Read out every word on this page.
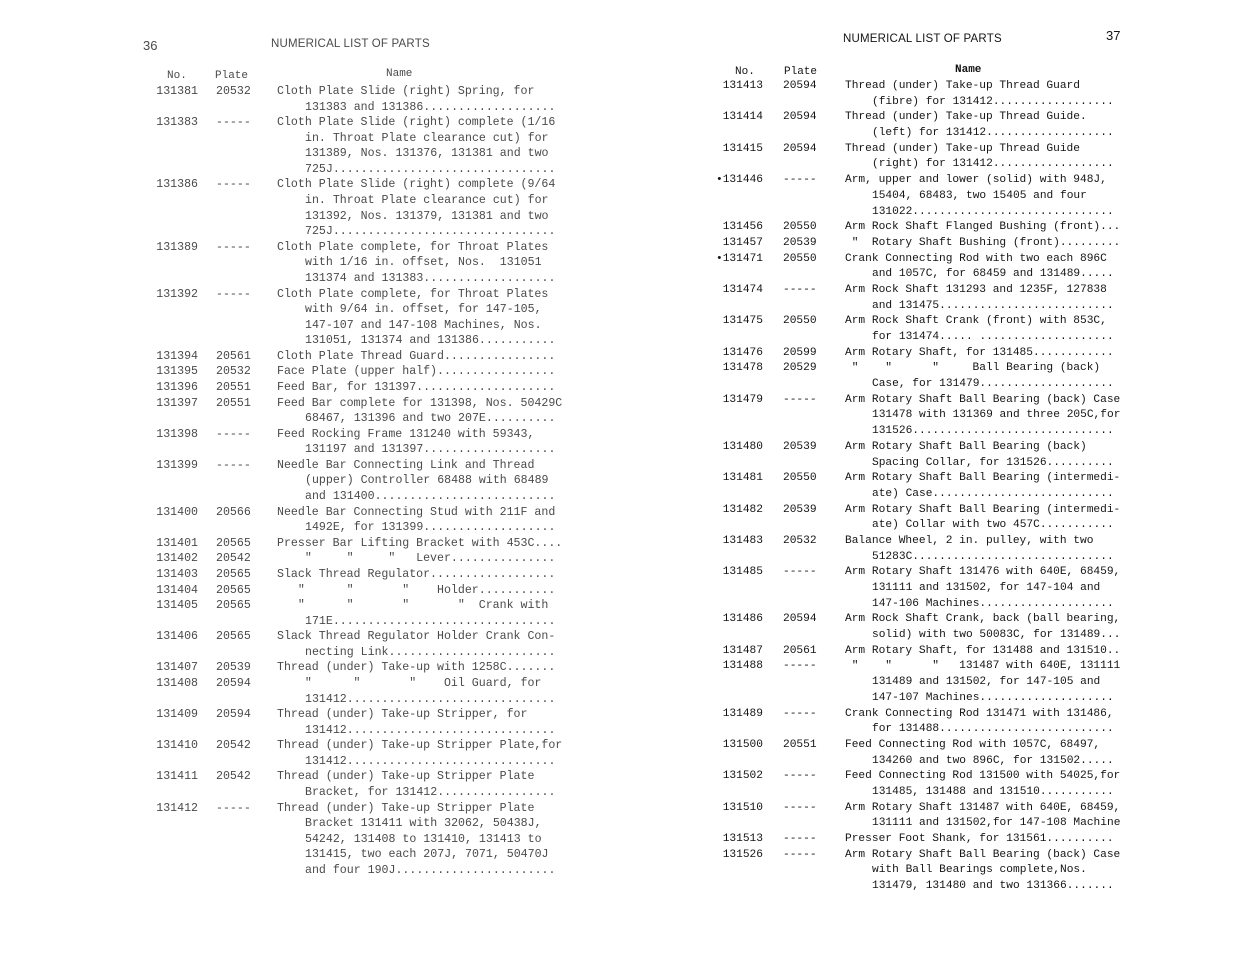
36	NUMERICAL LIST OF PARTS
No.	Plate	Name
131381	20532	Cloth Plate Slide (right) Spring, for
131383 and 131386...................
131383	-----	Cloth Plate Slide (right) complete (1/16
in. Throat Plate clearance cut) for
131389, Nos. 131376, 131381 and two
725J................................
131386	-----	Cloth Plate Slide (right) complete (9/64
in. Throat Plate clearance cut) for
131392, Nos. 131379, 131381 and two
725J................................
131389	-----	Cloth Plate complete, for Throat Plates
with 1/16 in. offset, Nos.  131051
131374 and 131383...................
131392	-----	Cloth Plate complete, for Throat Plates
with 9/64 in. offset, for 147-105,
147-107 and 147-108 Machines, Nos.
131051, 131374 and 131386...........
131394	20561	Cloth Plate Thread Guard................
131395	20532	Face Plate (upper half).................
131396	20551	Feed Bar, for 131397....................
131397	20551	Feed Bar complete for 131398, Nos. 50429C
68467, 131396 and two 207E..........
131398	-----	Feed Rocking Frame 131240 with 59343,
131197 and 131397...................
131399	-----	Needle Bar Connecting Link and Thread
(upper) Controller 68488 with 68489
and 131400..........................
131400	20566	Needle Bar Connecting Stud with 211F and
1492E, for 131399...................
131401	20565	Presser Bar Lifting Bracket with 453C....
131402	20542	"     "     "   Lever...............
131403	20565	Slack Thread Regulator..................
131404	20565	"      "       "    Holder...........
131405	20565	"      "       "       "  Crank with
171E................................
131406	20565	Slack Thread Regulator Holder Crank Con-
necting Link........................
131407	20539	Thread (under) Take-up with 1258C.......
131408	20594	"      "       "    Oil Guard, for
131412..............................
131409	20594	Thread (under) Take-up Stripper, for
131412..............................
131410	20542	Thread (under) Take-up Stripper Plate,for
131412..............................
131411	20542	Thread (under) Take-up Stripper Plate
Bracket, for 131412.................
131412	-----	Thread (under) Take-up Stripper Plate
Bracket 131411 with 32062, 50438J,
54242, 131408 to 131410, 131413 to
131415, two each 207J, 7071, 50470J
and four 190J.......................
NUMERICAL LIST OF PARTS	37
No.	Plate	Name
131413	20594	Thread (under) Take-up Thread Guard
(fibre) for 131412..................
131414	20594	Thread (under) Take-up Thread Guide.
(left) for 131412...................
131415	20594	Thread (under) Take-up Thread Guide
(right) for 131412..................
•131446	-----	Arm, upper and lower (solid) with 948J,
15404, 68483, two 15405 and four
131022..............................
131456	20550	Arm Rock Shaft Flanged Bushing (front)...
131457	20539	"  Rotary Shaft Bushing (front).........
•131471	20550	Crank Connecting Rod with two each 896C
and 1057C, for 68459 and 131489.....
131474	-----	Arm Rock Shaft 131293 and 1235F, 127838
and 131475..........................
131475	20550	Arm Rock Shaft Crank (front) with 853C,
for 131474..... ....................
131476	20599	Arm Rotary Shaft, for 131485............
131478	20529	"    "      "     Ball Bearing (back)
Case, for 131479....................
131479	-----	Arm Rotary Shaft Ball Bearing (back) Case
131478 with 131369 and three 205C,for
131526..............................
131480	20539	Arm Rotary Shaft Ball Bearing (back)
Spacing Collar, for 131526..........
131481	20550	Arm Rotary Shaft Ball Bearing (intermedi-
ate) Case...........................
131482	20539	Arm Rotary Shaft Ball Bearing (intermedi-
ate) Collar with two 457C...........
131483	20532	Balance Wheel, 2 in. pulley, with two
51283C..............................
131485	-----	Arm Rotary Shaft 131476 with 640E, 68459,
131111 and 131502, for 147-104 and
147-106 Machines....................
131486	20594	Arm Rock Shaft Crank, back (ball bearing,
solid) with two 50083C, for 131489...
131487	20561	Arm Rotary Shaft, for 131488 and 131510..
131488	-----	"    "      "   131487 with 640E, 131111
131489 and 131502, for 147-105 and
147-107 Machines....................
131489	-----	Crank Connecting Rod 131471 with 131486,
for 131488..........................
131500	20551	Feed Connecting Rod with 1057C, 68497,
134260 and two 896C, for 131502.....
131502	-----	Feed Connecting Rod 131500 with 54025,for
131485, 131488 and 131510...........
131510	-----	Arm Rotary Shaft 131487 with 640E, 68459,
131111 and 131502,for 147-108 Machine
131513	-----	Presser Foot Shank, for 131561..........
131526	-----	Arm Rotary Shaft Ball Bearing (back) Case
with Ball Bearings complete,Nos.
131479, 131480 and two 131366.......
